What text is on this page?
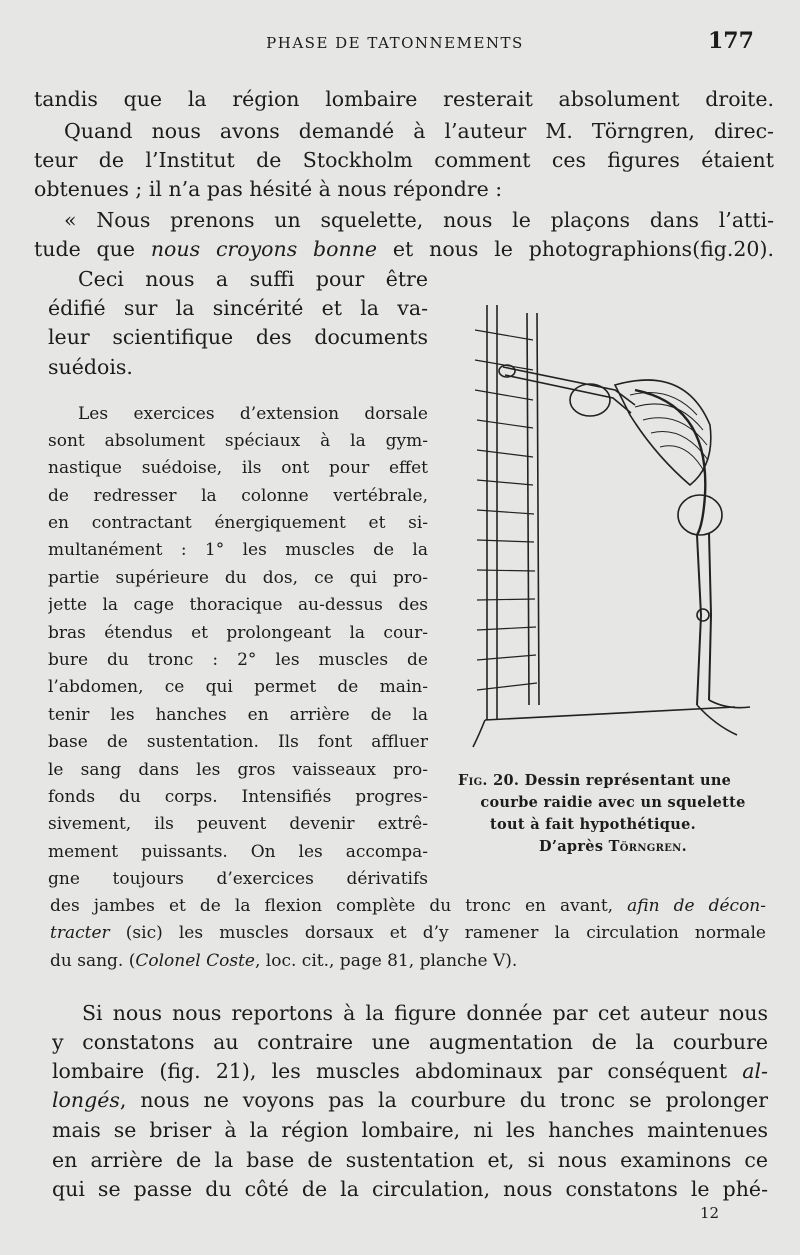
PHASE DE TATONNEMENTS	177
tandis que la région lombaire resterait absolument droite.
Quand nous avons demandé à l’auteur M. Törngren, direc-
teur de l’Institut de Stockholm comment ces figures étaient
obtenues ; il n’a pas hésité à nous répondre :
« Nous prenons un squelette, nous le plaçons dans l’atti-
tude que nous croyons bonne et nous le photographions(fig.20).
Ceci nous a suffi pour être
édifié sur la sincérité et la va-
leur scientifique des documents
suédois.
Les exercices d’extension dorsale
sont absolument spéciaux à la gym-
nastique suédoise, ils ont pour effet
de redresser la colonne vertébrale,
en contractant énergiquement et si-
multanément : 1° les muscles de la
partie supérieure du dos, ce qui pro-
jette la cage thoracique au-dessus des
bras étendus et prolongeant la cour-
bure du tronc : 2° les muscles de
l’abdomen, ce qui permet de main-
tenir les hanches en arrière de la
base de sustentation. Ils font affluer
le sang dans les gros vaisseaux pro-
fonds du corps. Intensifiés progres-
sivement, ils peuvent devenir extrê-
mement puissants. On les accompa-
gne toujours d’exercices dérivatifs
des jambes et de la flexion complète du tronc en avant, afin de décon-
tracter (sic) les muscles dorsaux et d’y ramener la circulation normale
du sang. (Colonel Coste, loc. cit., page 81, planche V).
Fig. 20. Dessin représentant une
courbe raidie avec un squelette
tout à fait hypothétique.
D’après Törngren.
Si nous nous reportons à la figure donnée par cet auteur nous
y constatons au contraire une augmentation de la courbure
lombaire (fig. 21), les muscles abdominaux par conséquent al-
longés, nous ne voyons pas la courbure du tronc se prolonger
mais se briser à la région lombaire, ni les hanches maintenues
en arrière de la base de sustentation et, si nous examinons ce
qui se passe du côté de la circulation, nous constatons le phé-
12
